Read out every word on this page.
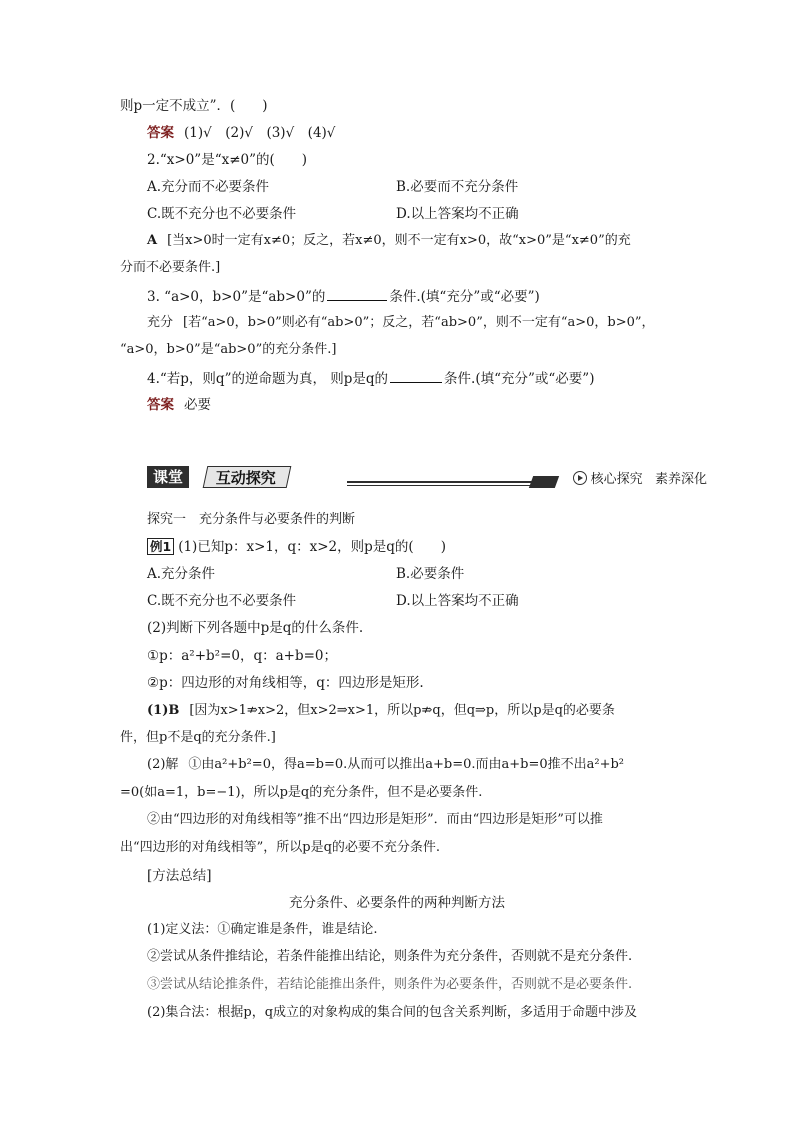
则p一定不成立”．(　　)
答案 (1)√　(2)√　(3)√　(4)√
2.“x>0”是“x≠0”的(　　)
A.充分而不必要条件	B.必要而不充分条件
C.既不充分也不必要条件	D.以上答案均不正确
A [当x>0时一定有x≠0；反之，若x≠0，则不一定有x>0，故“x>0”是“x≠0”的充
分而不必要条件.]
3. “a>0，b>0”是“ab>0”的	条件.(填“充分”或“必要”)
充分 [若“a>0，b>0”则必有“ab>0”；反之，若“ab>0”，则不一定有“a>0，b>0”，
“a>0，b>0”是“ab>0”的充分条件.]
4.“若p，则q”的逆命题为真， 则p是q的	条件.(填“充分”或“必要”)
答案 必要
课堂	互动探究	核心探究 素养深化
探究一　充分条件与必要条件的判断
例1 (1)已知p：x>1，q：x>2，则p是q的(　　)
A.充分条件	B.必要条件
C.既不充分也不必要条件	D.以上答案均不正确
(2)判断下列各题中p是q的什么条件.
①p：a²+b²=0，q：a+b=0；
②p：四边形的对角线相等，q：四边形是矩形.
(1)B [因为x>1⇏x>2，但x>2⇒x>1，所以p⇏q，但q⇒p，所以p是q的必要条
件，但p不是q的充分条件.]
(2)解 ①由a²+b²=0，得a=b=0.从而可以推出a+b=0.而由a+b=0推不出a²+b²
=0(如a=1，b=−1)，所以p是q的充分条件，但不是必要条件.
②由“四边形的对角线相等”推不出“四边形是矩形”．而由“四边形是矩形”可以推
出“四边形的对角线相等”，所以p是q的必要不充分条件.
[方法总结]
充分条件、必要条件的两种判断方法
(1)定义法：①确定谁是条件，谁是结论.
②尝试从条件推结论，若条件能推出结论，则条件为充分条件，否则就不是充分条件.
③尝试从结论推条件，若结论能推出条件，则条件为必要条件，否则就不是必要条件.
(2)集合法：根据p，q成立的对象构成的集合间的包含关系判断，多适用于命题中涉及
